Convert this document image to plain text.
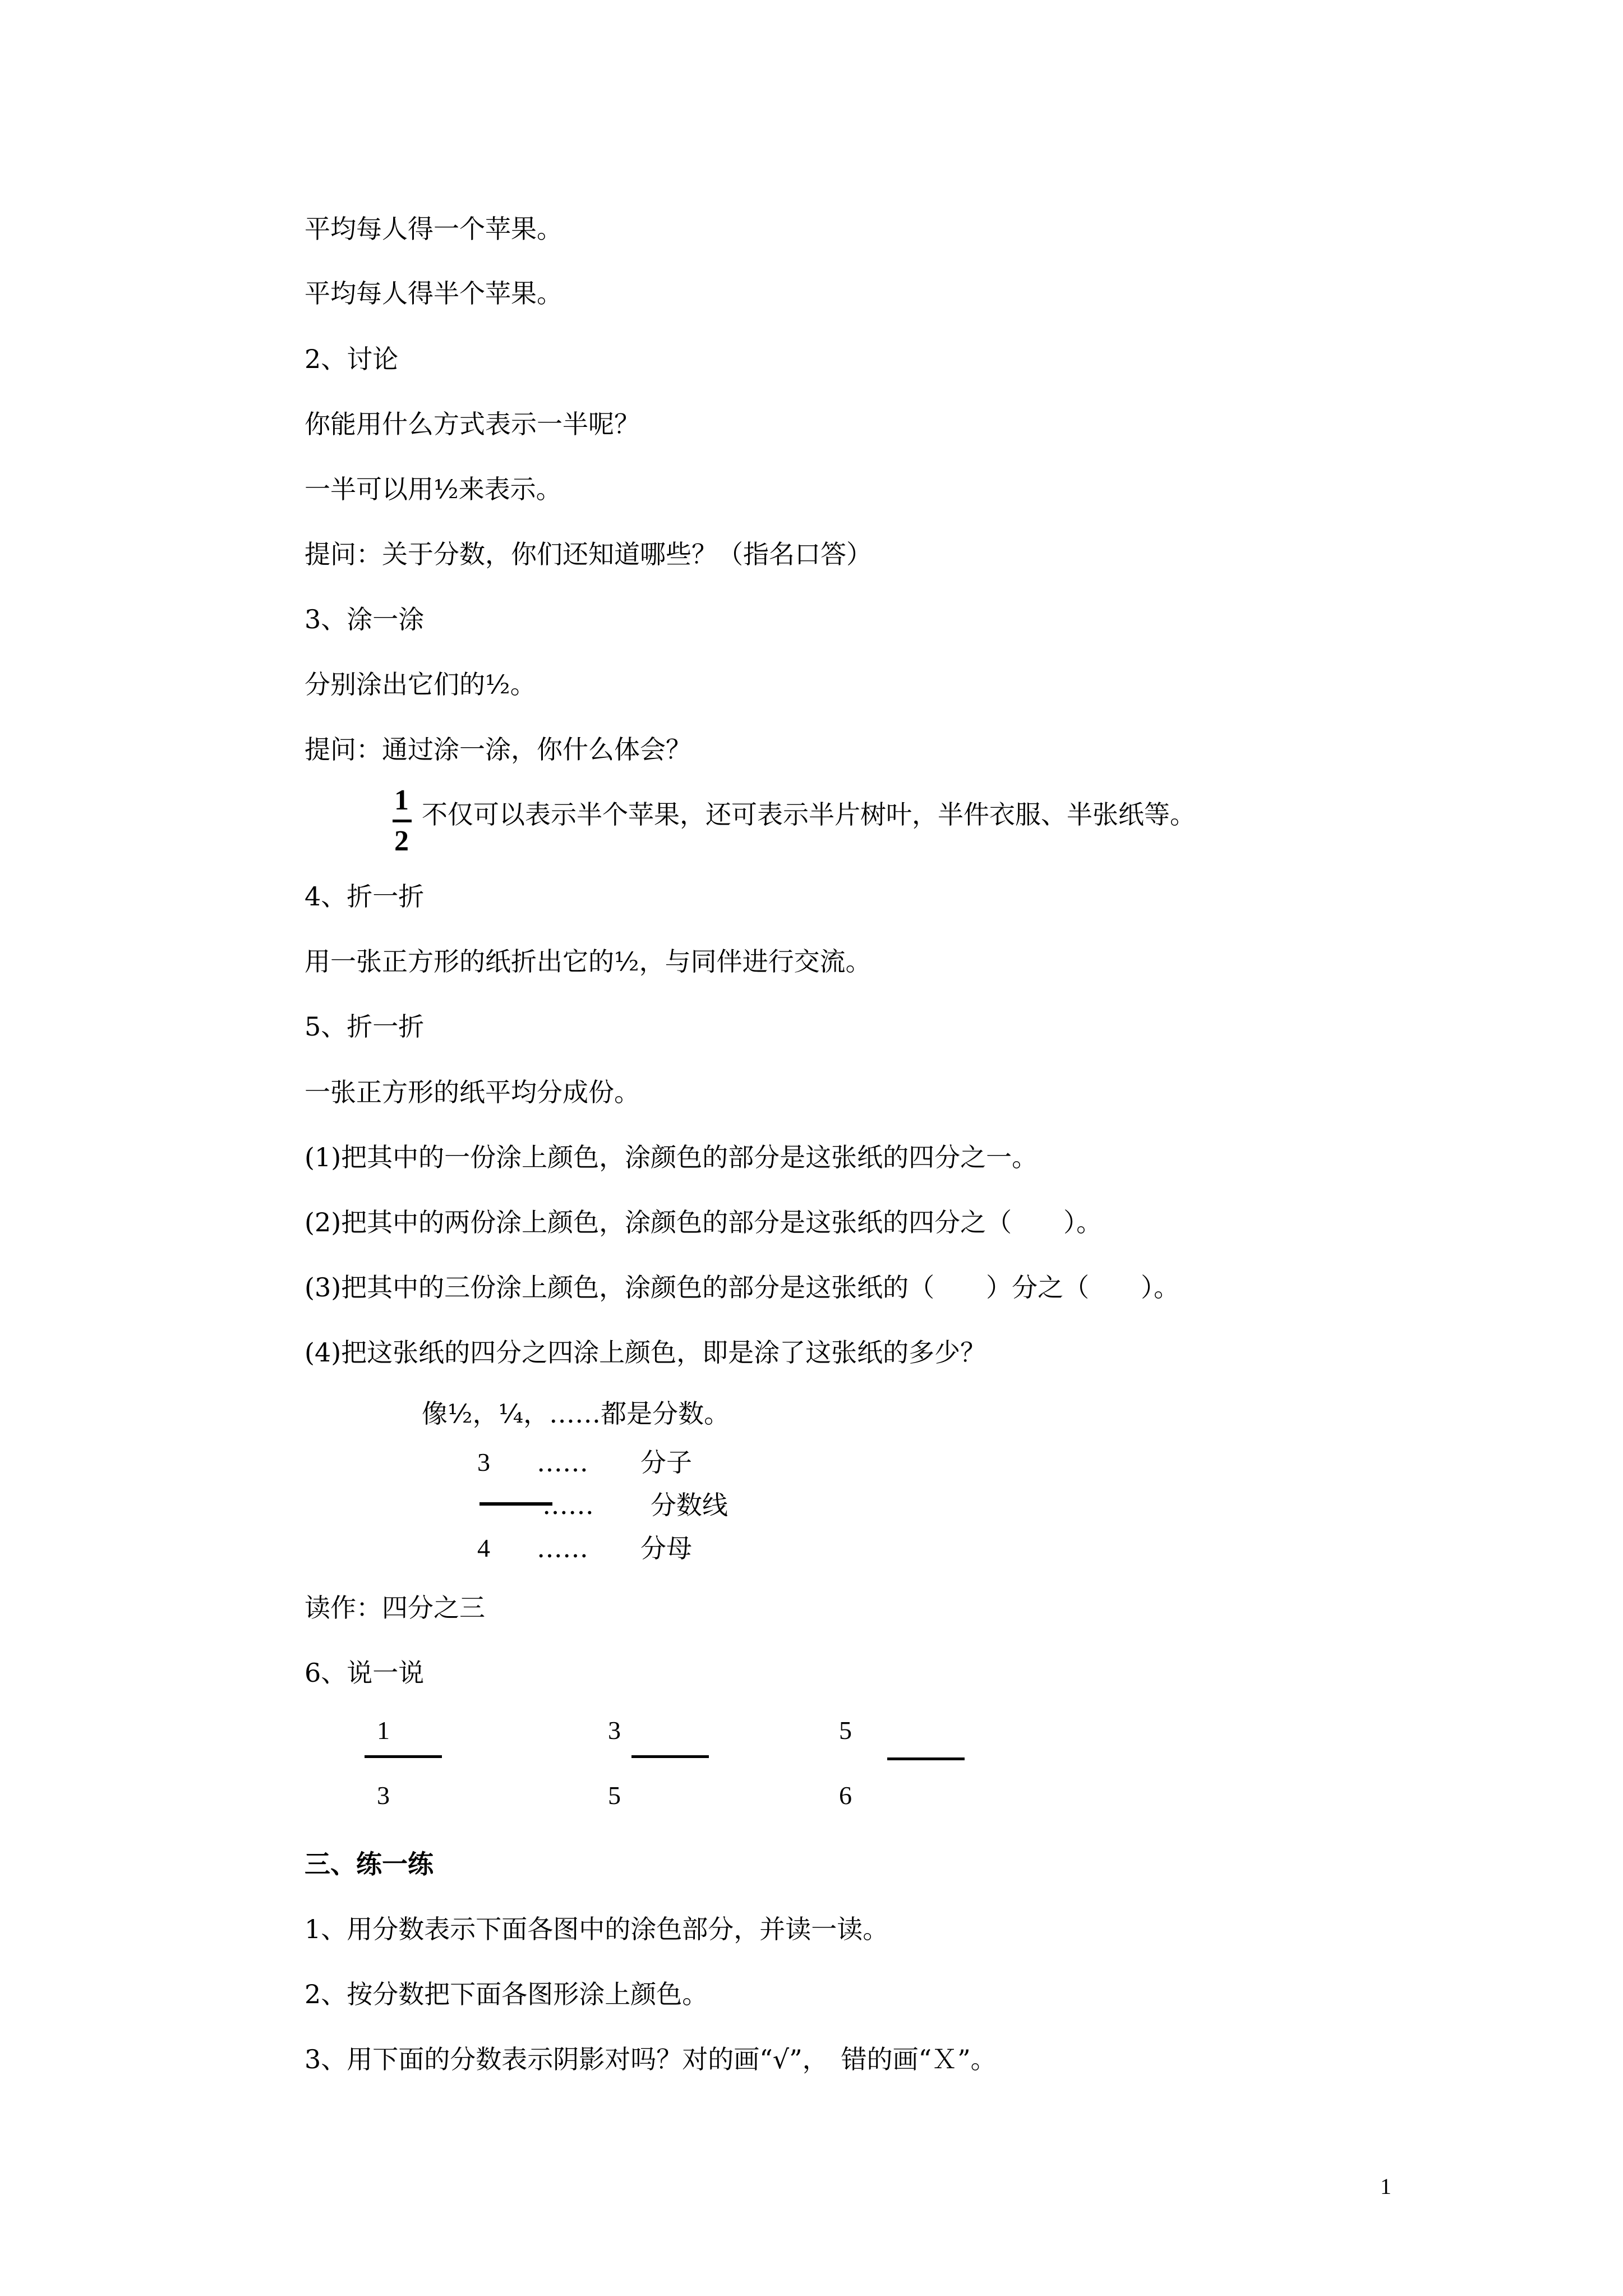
平均每人得一个苹果。
平均每人得半个苹果。
2、讨论
你能用什么方式表示一半呢？
一半可以用½来表示。
提问：关于分数，你们还知道哪些？（指名口答）
3、涂一涂
分别涂出它们的½。
提问：通过涂一涂，你什么体会？
1
2
不仅可以表示半个苹果，还可表示半片树叶，半件衣服、半张纸等。
4、折一折
用一张正方形的纸折出它的½，与同伴进行交流。
5、折一折
一张正方形的纸平均分成份。
(1)把其中的一份涂上颜色，涂颜色的部分是这张纸的四分之一。
(2)把其中的两份涂上颜色，涂颜色的部分是这张纸的四分之（　　）。
(3)把其中的三份涂上颜色，涂颜色的部分是这张纸的（　　）分之（　　）。
(4)把这张纸的四分之四涂上颜色，即是涂了这张纸的多少？
像½，¼，……都是分数。
3 …… 分子
…… 分数线
4 …… 分母
读作：四分之三
6、说一说
1
3
3
5
5
6
三、练一练
1、用分数表示下面各图中的涂色部分，并读一读。
2、按分数把下面各图形涂上颜色。
3、用下面的分数表示阴影对吗？对的画“√”，　错的画“Ｘ”。
1
